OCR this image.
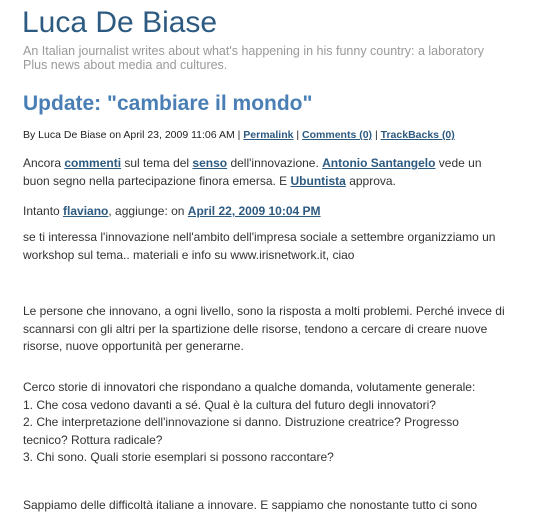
Luca De Biase
An Italian journalist writes about what's happening in his funny country: a laboratory
Plus news about media and cultures.
Update: "cambiare il mondo"
By Luca De Biase on April 23, 2009 11:06 AM | Permalink | Comments (0) | TrackBacks (0)
Ancora commenti sul tema del senso dell'innovazione. Antonio Santangelo vede un
buon segno nella partecipazione finora emersa. E Ubuntista approva.
Intanto flaviano, aggiunge: on April 22, 2009 10:04 PM
se ti interessa l'innovazione nell'ambito dell'impresa sociale a settembre organizziamo un
workshop sul tema.. materiali e info su www.irisnetwork.it, ciao
Le persone che innovano, a ogni livello, sono la risposta a molti problemi. Perché invece di
scannarsi con gli altri per la spartizione delle risorse, tendono a cercare di creare nuove
risorse, nuove opportunità per generarne.
Cerco storie di innovatori che rispondano a qualche domanda, volutamente generale:
1. Che cosa vedono davanti a sé. Qual è la cultura del futuro degli innovatori?
2. Che interpretazione dell'innovazione si danno. Distruzione creatrice? Progresso
tecnico? Rottura radicale?
3. Chi sono. Quali storie esemplari si possono raccontare?
Sappiamo delle difficoltà italiane a innovare. E sappiamo che nonostante tutto ci sono
